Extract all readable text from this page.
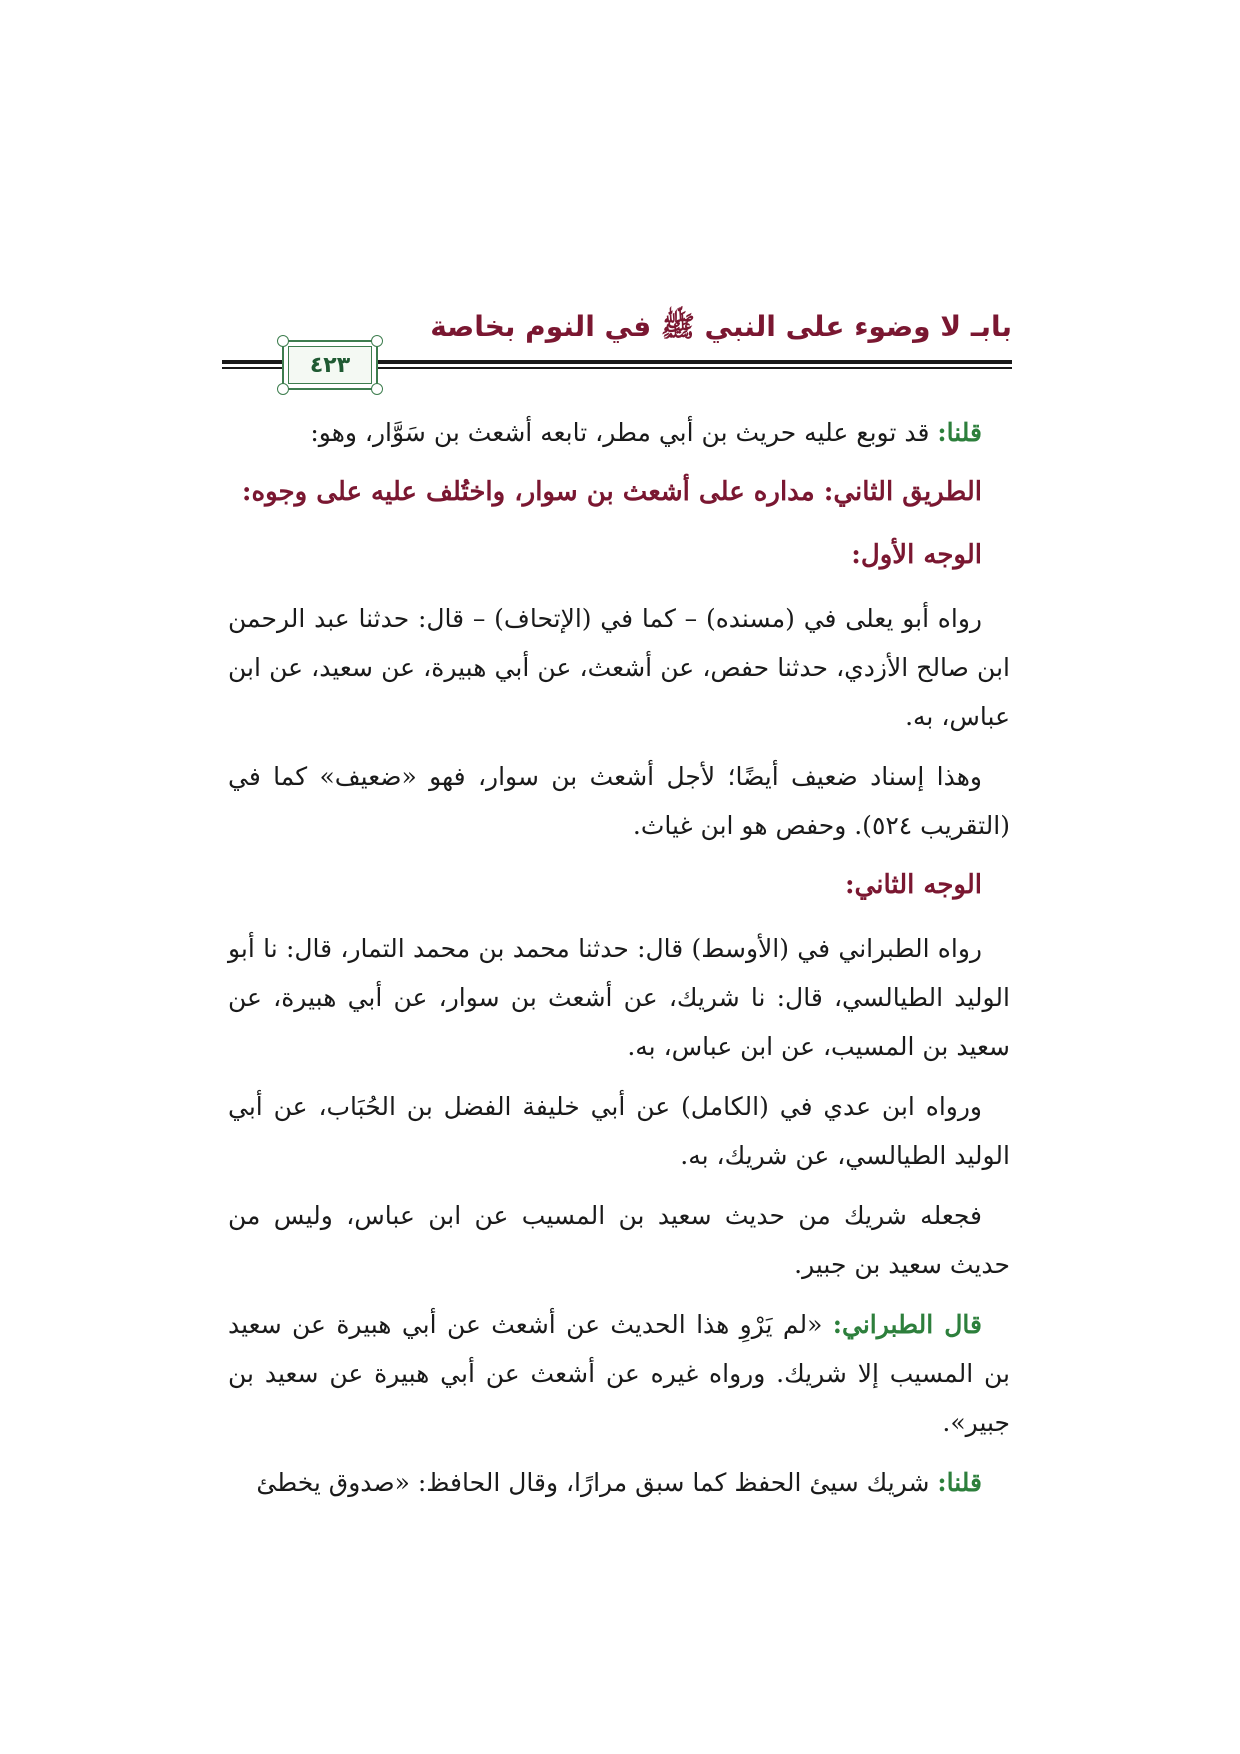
بابـ لا وضوء على النبي ﷺ في النوم بخاصة
٤٢٣

قلنا: قد توبع عليه حريث بن أبي مطر، تابعه أشعث بن سَوَّار، وهو:

الطريق الثاني: مداره على أشعث بن سوار، واختُلف عليه على وجوه:

الوجه الأول:

رواه أبو يعلى في (مسنده) – كما في (الإتحاف) – قال: حدثنا عبد الرحمن ابن صالح الأزدي، حدثنا حفص، عن أشعث، عن أبي هبيرة، عن سعيد، عن ابن عباس، به.

وهذا إسناد ضعيف أيضًا؛ لأجل أشعث بن سوار، فهو «ضعيف» كما في (التقريب ٥٢٤). وحفص هو ابن غياث.

الوجه الثاني:

رواه الطبراني في (الأوسط) قال: حدثنا محمد بن محمد التمار، قال: نا أبو الوليد الطيالسي، قال: نا شريك، عن أشعث بن سوار، عن أبي هبيرة، عن سعيد بن المسيب، عن ابن عباس، به.

ورواه ابن عدي في (الكامل) عن أبي خليفة الفضل بن الحُبَاب، عن أبي الوليد الطيالسي، عن شريك، به.

فجعله شريك من حديث سعيد بن المسيب عن ابن عباس، وليس من حديث سعيد بن جبير.

قال الطبراني: «لم يَرْوِ هذا الحديث عن أشعث عن أبي هبيرة عن سعيد بن المسيب إلا شريك. ورواه غيره عن أشعث عن أبي هبيرة عن سعيد بن جبير».

قلنا: شريك سيئ الحفظ كما سبق مرارًا، وقال الحافظ: «صدوق يخطئ
